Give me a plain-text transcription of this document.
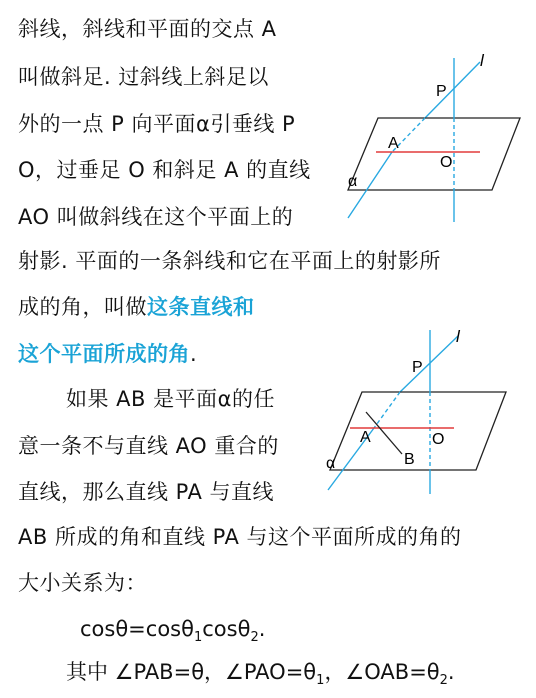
斜线，斜线和平面的交点 A
叫做斜足. 过斜线上斜足以
外的一点 P 向平面α引垂线 P
O，过垂足 O 和斜足 A 的直线
AO 叫做斜线在这个平面上的
射影. 平面的一条斜线和它在平面上的射影所
成的角，叫做这条直线和
这个平面所成的角.
如果 AB 是平面α的任
意一条不与直线 AO 重合的
直线，那么直线 PA 与直线
AB 所成的角和直线 PA 与这个平面所成的角的
大小关系为：
cosθ=cosθ$_1$cosθ$_2$.
其中 ∠PAB=θ，$\angle PAO=\theta_1$，$\angle OAB=\theta_2$.
l
P
A
O
α
l
P
A	O
B
α
